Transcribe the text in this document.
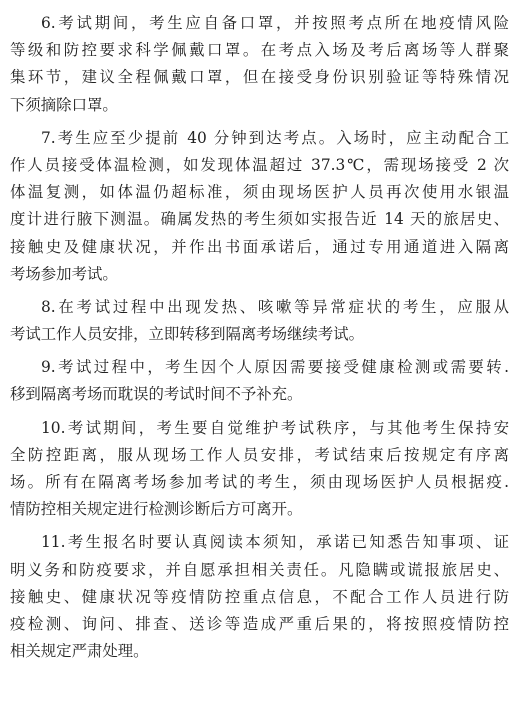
6.考试期间，考生应自备口罩，并按照考点所在地疫情风险
等级和防控要求科学佩戴口罩。在考点入场及考后离场等人群聚
集环节，建议全程佩戴口罩，但在接受身份识别验证等特殊情况
下须摘除口罩。
7.考生应至少提前 40 分钟到达考点。入场时，应主动配合工
作人员接受体温检测，如发现体温超过 37.3℃，需现场接受 2 次
体温复测，如体温仍超标准，须由现场医护人员再次使用水银温
度计进行腋下测温。确属发热的考生须如实报告近 14 天的旅居史、
接触史及健康状况，并作出书面承诺后，通过专用通道进入隔离
考场参加考试。
8.在考试过程中出现发热、咳嗽等异常症状的考生，应服从
考试工作人员安排，立即转移到隔离考场继续考试。
9.考试过程中，考生因个人原因需要接受健康检测或需要转.
移到隔离考场而耽误的考试时间不予补充。
10.考试期间，考生要自觉维护考试秩序，与其他考生保持安
全防控距离，服从现场工作人员安排，考试结束后按规定有序离
场。所有在隔离考场参加考试的考生，须由现场医护人员根据疫.
情防控相关规定进行检测诊断后方可离开。
11.考生报名时要认真阅读本须知，承诺已知悉告知事项、证
明义务和防疫要求，并自愿承担相关责任。凡隐瞒或谎报旅居史、
接触史、健康状况等疫情防控重点信息，不配合工作人员进行防
疫检测、询问、排查、送诊等造成严重后果的，将按照疫情防控
相关规定严肃处理。
